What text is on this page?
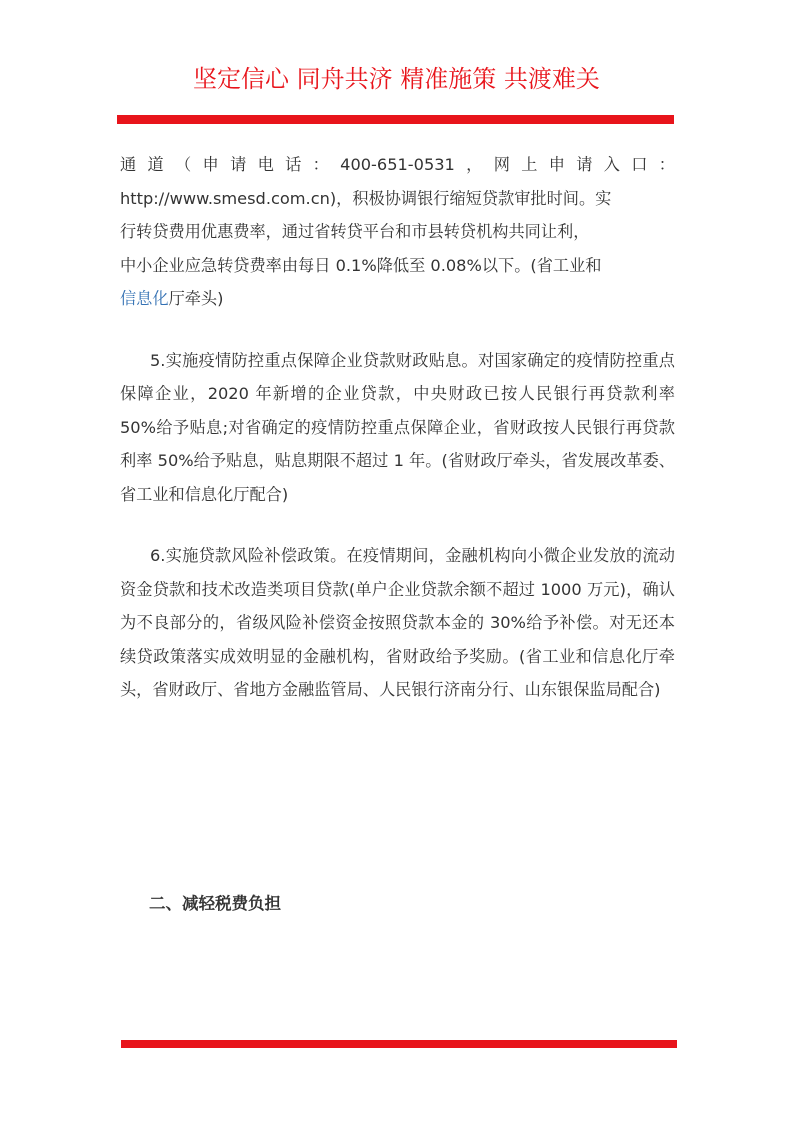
坚定信心 同舟共济 精准施策 共渡难关

通道（申请电话：400-651-0531，网上申请入口：
http://www.smesd.com.cn)，积极协调银行缩短贷款审批时间。实
行转贷费用优惠费率，通过省转贷平台和市县转贷机构共同让利，
中小企业应急转贷费率由每日 0.1%降低至 0.08%以下。(省工业和
信息化厅牵头)

5.实施疫情防控重点保障企业贷款财政贴息。对国家确定的疫情防控重点保障企业，2020 年新增的企业贷款，中央财政已按人民银行再贷款利率 50%给予贴息;对省确定的疫情防控重点保障企业，省财政按人民银行再贷款利率 50%给予贴息，贴息期限不超过 1 年。(省财政厅牵头，省发展改革委、省工业和信息化厅配合)

6.实施贷款风险补偿政策。在疫情期间，金融机构向小微企业发放的流动资金贷款和技术改造类项目贷款(单户企业贷款余额不超过 1000 万元)，确认为不良部分的，省级风险补偿资金按照贷款本金的 30%给予补偿。对无还本续贷政策落实成效明显的金融机构，省财政给予奖励。(省工业和信息化厅牵头，省财政厅、省地方金融监管局、人民银行济南分行、山东银保监局配合)

二、减轻税费负担
